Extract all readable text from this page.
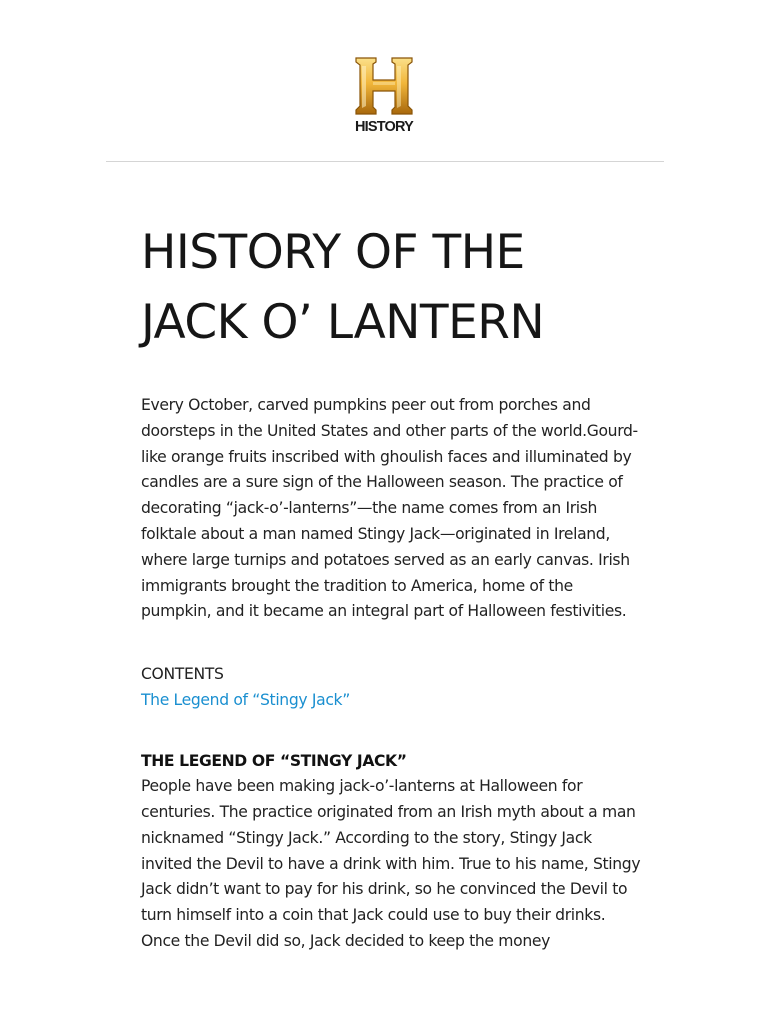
HISTORY
HISTORY OF THE JACK O’ LANTERN

Every October, carved pumpkins peer out from porches and doorsteps in the United States and other parts of the world.Gourd-like orange fruits inscribed with ghoulish faces and illuminated by candles are a sure sign of the Halloween season. The practice of decorating “jack-o’-lanterns”—the name comes from an Irish folktale about a man named Stingy Jack—originated in Ireland, where large turnips and potatoes served as an early canvas. Irish immigrants brought the tradition to America, home of the pumpkin, and it became an integral part of Halloween festivities.

CONTENTS
The Legend of “Stingy Jack”
THE LEGEND OF “STINGY JACK”

People have been making jack-o’-lanterns at Halloween for centuries. The practice originated from an Irish myth about a man nicknamed “Stingy Jack.” According to the story, Stingy Jack invited the Devil to have a drink with him. True to his name, Stingy Jack didn’t want to pay for his drink, so he convinced the Devil to turn himself into a coin that Jack could use to buy their drinks. Once the Devil did so, Jack decided to keep the money
